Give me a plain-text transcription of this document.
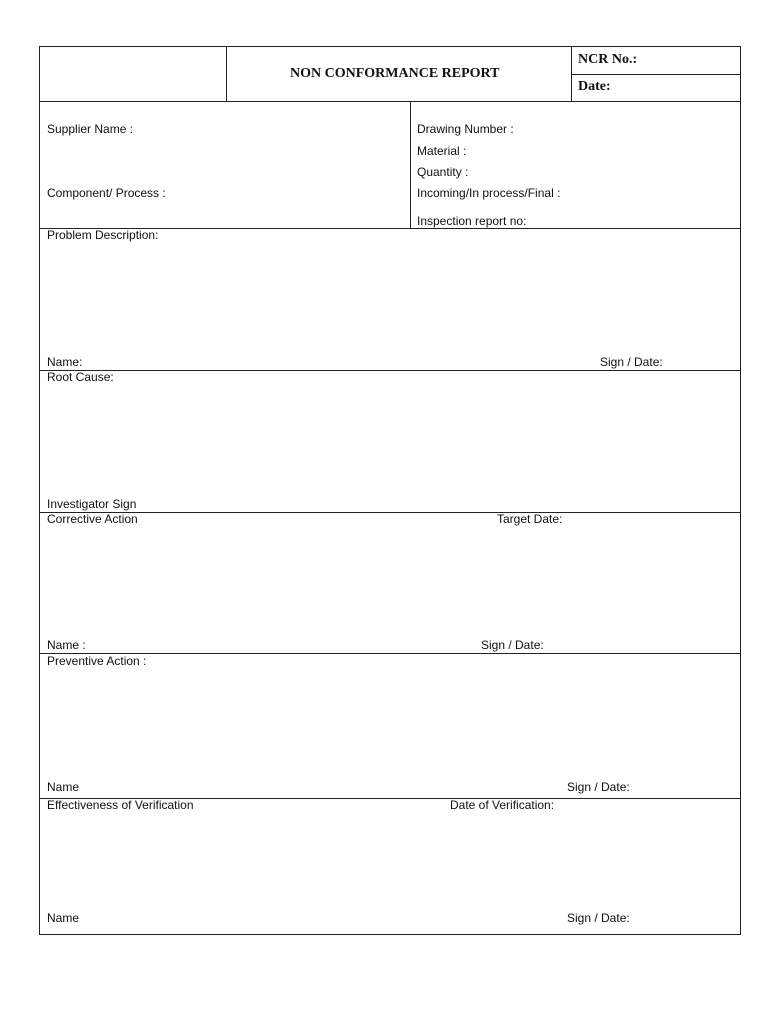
NON CONFORMANCE REPORT
NCR No.:
Date:
Supplier Name :
Component/ Process :
Drawing Number :
Material :
Quantity :
Incoming/In process/Final :
Inspection report no:
Problem Description:
Name:	Sign / Date:
Root Cause:
Investigator Sign
Corrective Action	Target Date:
Name :	Sign / Date:
Preventive Action :
Name	Sign / Date:
Effectiveness of Verification	Date of Verification:
Name	Sign / Date:
